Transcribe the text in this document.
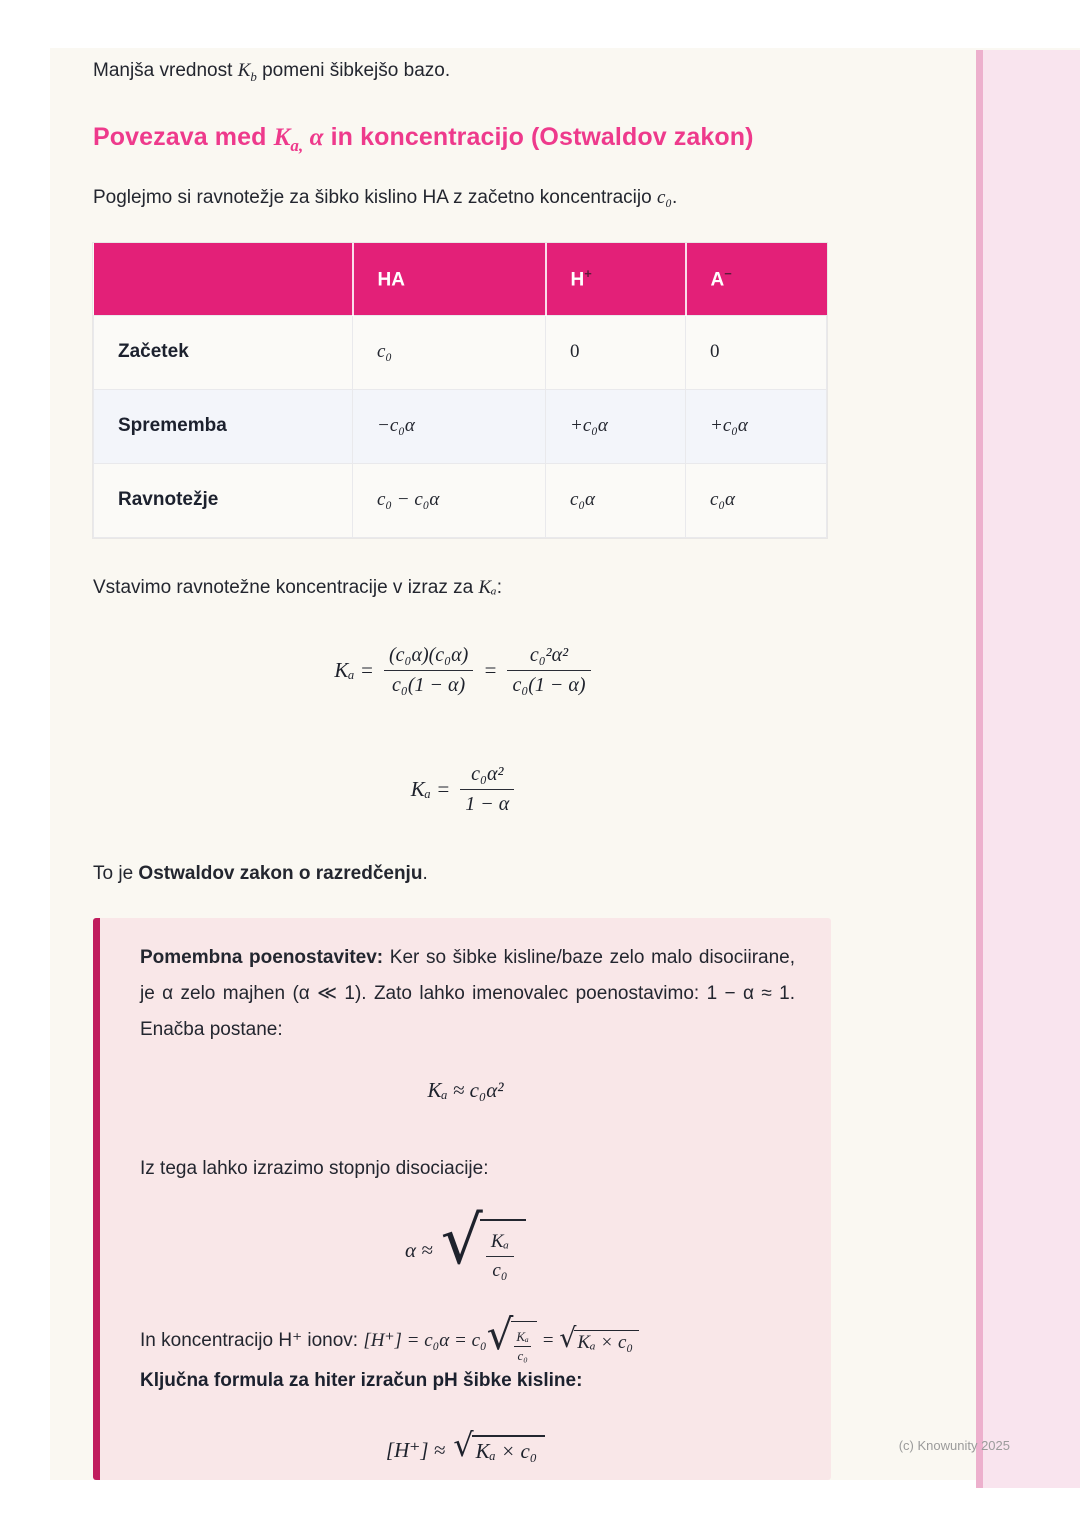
Manjša vrednost $K_b$ pomeni šibkejšo bazo.

Povezava med $K_{a,}$ α in koncentracijo (Ostwaldov zakon)

Poglejmo si ravnotežje za šibko kislino HA z začetno koncentracijo c₀.

	HA	H+	A−
Začetek	c₀	0	0
Sprememba	−c₀α	+c₀α	+c₀α
Ravnotežje	c₀ − c₀α	c₀α	c₀α

Vstavimo ravnotežne koncentracije v izraz za Kₐ:

$K_a = \frac{\text{(c₀α)(c₀α)}}{\text{c₀(1 − α)}} = \frac{\text{c₀²α²}}{\text{c₀(1 − α)}}$
$K_a = \frac{\text{c₀α²}}{1 - \alpha}$

To je Ostwaldov zakon o razredčenju.

Pomembna poenostavitev: Ker so šibke kisline/baze zelo malo disociirane, je α zelo majhen (α ≪ 1). Zato lahko imenovalec poenostavimo: 1 − α ≈ 1. Enačba postane:

Kₐ ≈ c₀α²

Iz tega lahko izrazimo stopnjo disociacije:

α ≈ √ $\frac{\text{Kₐ}}{\text{c₀}}$

In koncentracijo H⁺ ionov: [H⁺] = c₀α = c₀ √ $\frac{\text{Kₐ}}{\text{c₀}}$ = √ Kₐ × c₀

Ključna formula za hiter izračun pH šibke kisline:

[H⁺] ≈ √ Kₐ × c₀	(c) Knowunity 2025
